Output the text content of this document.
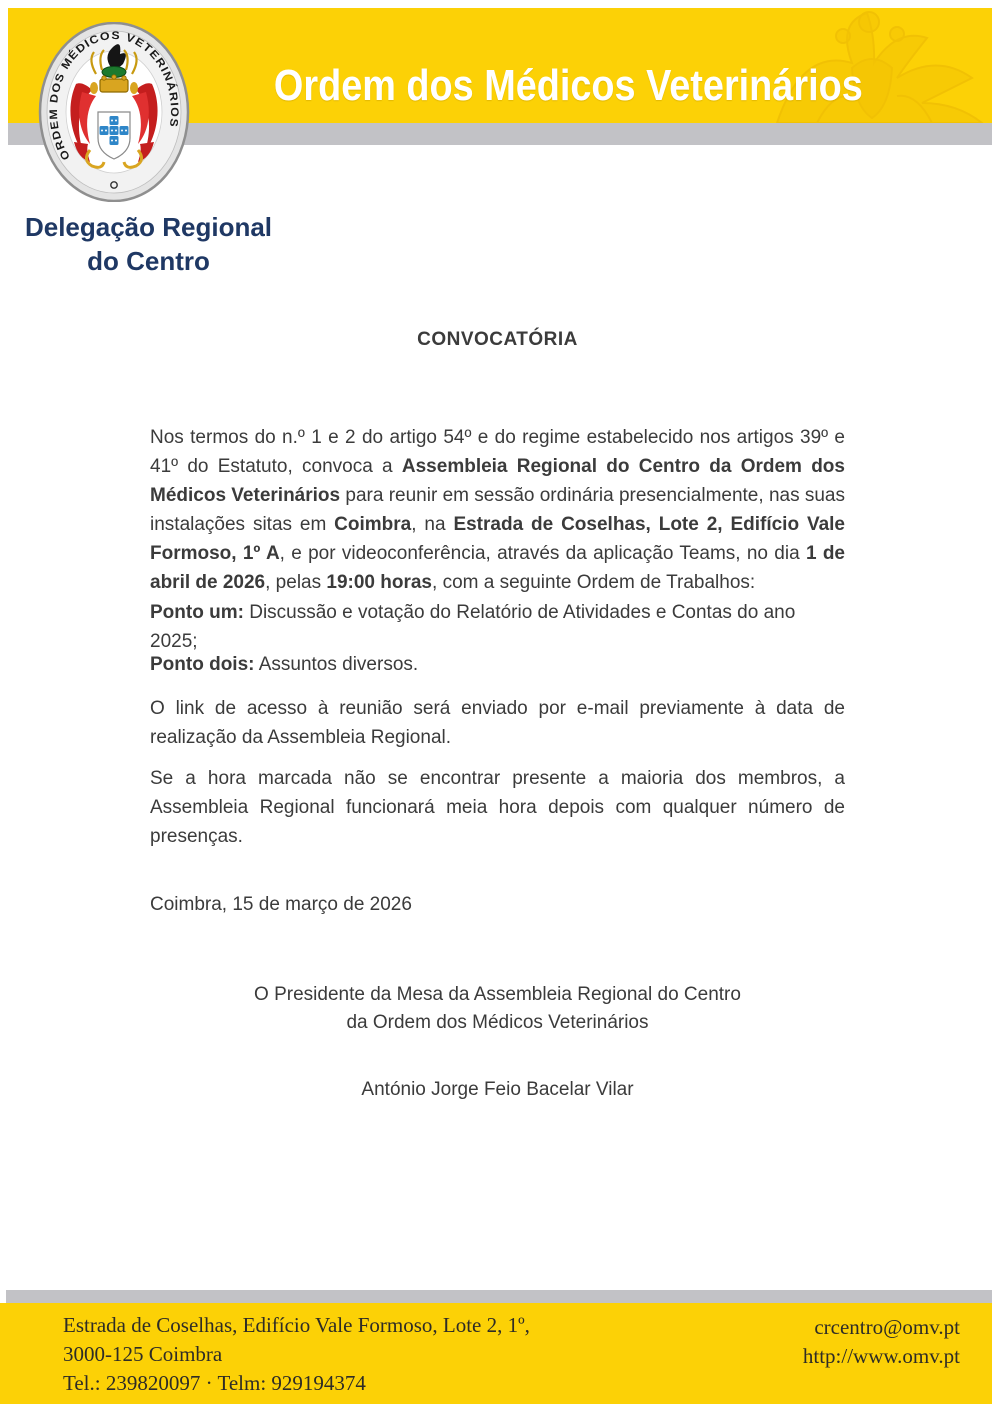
Ordem dos Médicos Veterinários
ORDEM DOS MÉDICOS VETERINÁRIOS
Delegação Regional
do Centro
CONVOCATÓRIA

Nos termos do n.º 1 e 2 do artigo 54º e do regime estabelecido nos artigos 39º e 41º do Estatuto, convoca a Assembleia Regional do Centro da Ordem dos Médicos Veterinários para reunir em sessão ordinária presencialmente, nas suas instalações sitas em Coimbra, na Estrada de Coselhas, Lote 2, Edifício Vale Formoso, 1º A, e por videoconferência, através da aplicação Teams, no dia 1 de abril de 2026, pelas 19:00 horas, com a seguinte Ordem de Trabalhos:

Ponto um: Discussão e votação do Relatório de Atividades e Contas do ano 2025;

Ponto dois: Assuntos diversos.

O link de acesso à reunião será enviado por e-mail previamente à data de realização da Assembleia Regional.

Se a hora marcada não se encontrar presente a maioria dos membros, a Assembleia Regional funcionará meia hora depois com qualquer número de presenças.

Coimbra, 15 de março de 2026

O Presidente da Mesa da Assembleia Regional do Centro
da Ordem dos Médicos Veterinários

António Jorge Feio Bacelar Vilar

Estrada de Coselhas, Edifício Vale Formoso, Lote 2, 1º,
3000-125 Coimbra
Tel.: 239820097 · Telm: 929194374
crcentro@omv.pt
http://www.omv.pt
